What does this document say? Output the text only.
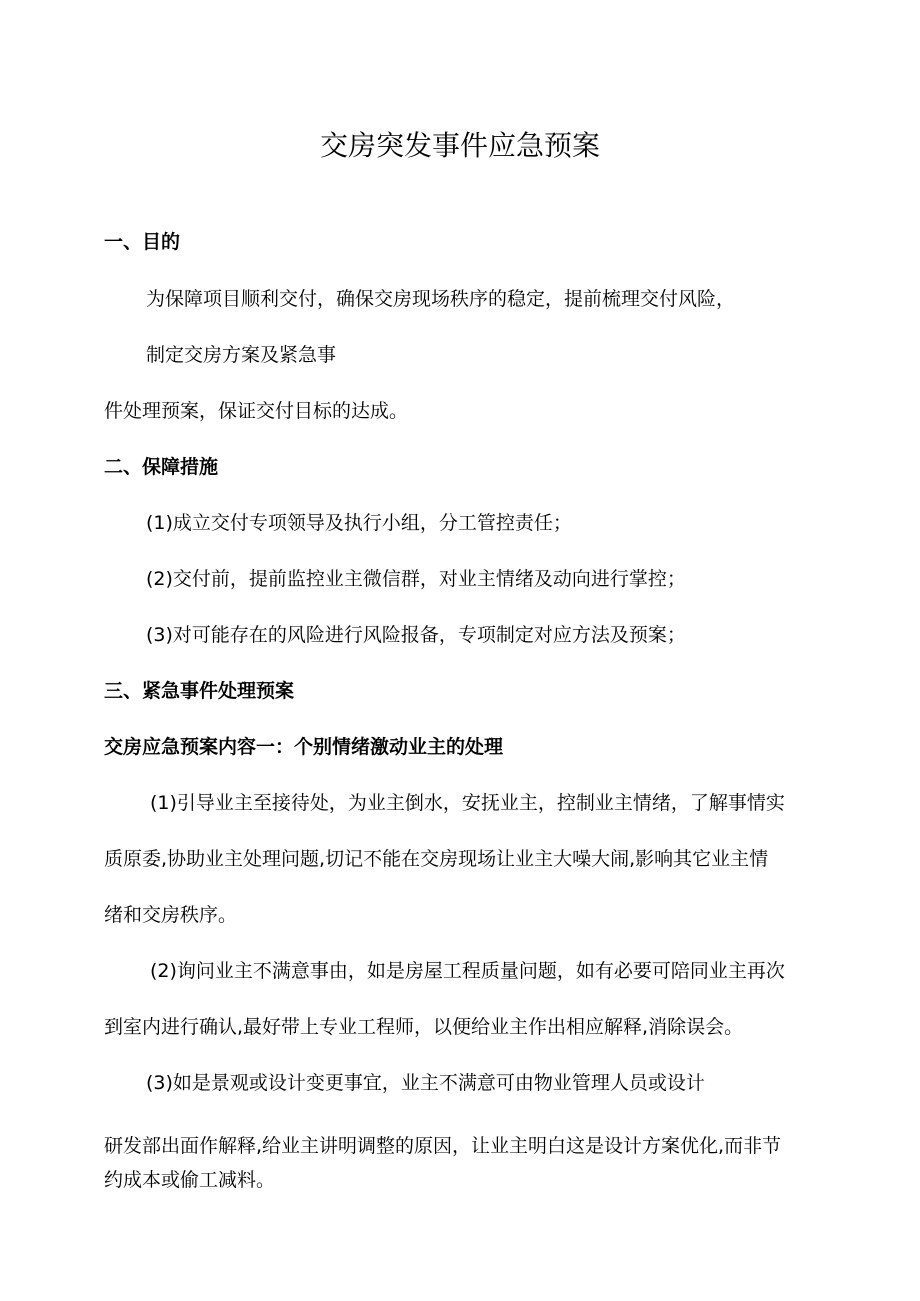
交房突发事件应急预案
一、目的
为保障项目顺利交付，确保交房现场秩序的稳定，提前梳理交付风险，
制定交房方案及紧急事
件处理预案，保证交付目标的达成。
二、保障措施
(1)成立交付专项领导及执行小组，分工管控责任；
(2)交付前，提前监控业主微信群，对业主情绪及动向进行掌控；
(3)对可能存在的风险进行风险报备，专项制定对应方法及预案；
三、紧急事件处理预案
交房应急预案内容一：个别情绪激动业主的处理
(1)引导业主至接待处，为业主倒水，安抚业主，控制业主情绪，了解事情实
质原委,协助业主处理问题,切记不能在交房现场让业主大噪大闹,影响其它业主情
绪和交房秩序。
(2)询问业主不满意事由，如是房屋工程质量问题，如有必要可陪同业主再次
到室内进行确认,最好带上专业工程师，以便给业主作出相应解释,消除误会。
(3)如是景观或设计变更事宜，业主不满意可由物业管理人员或设计
研发部出面作解释,给业主讲明调整的原因，让业主明白这是设计方案优化,而非节
约成本或偷工减料。
